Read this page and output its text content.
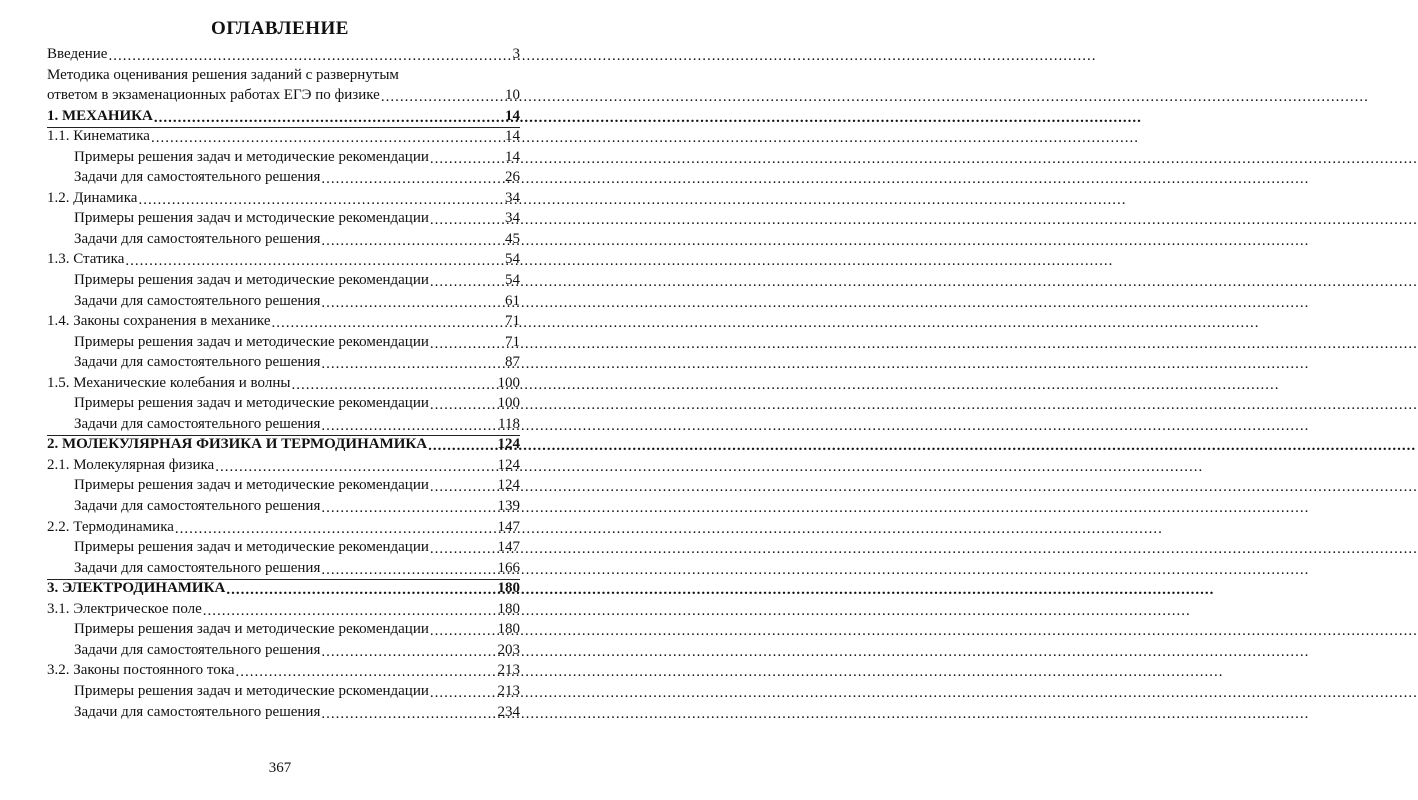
ОГЛАВЛЕНИЕ
Введение .....	3
Методика оценивания решения заданий с развернутым
ответом в экзаменационных работах ЕГЭ по физике .....	10
1. МЕХАНИКА .....	14
1.1. Кинематика .....	14
Примеры решения задач и методические рекомендации .....	14
Задачи для самостоятельного решения .....	26
1.2. Динамика .....	34
Примеры решения задач и мстодические рекомендации .....	34
Задачи для самостоятельного решения .....	45
1.3. Статика .....	54
Примеры решения задач и методические рекомендации .....	54
Задачи для самостоятельного решения .....	61
1.4. Законы сохранения в механике .....	71
Примеры решения задач и методические рекомендации .....	71
Задачи для самостоятельного решения .....	87
1.5. Механические колебания и волны .....	100
Примеры решения задач и методические рекомендации .....	100
Задачи для самостоятельного решения .....	118
2. МОЛЕКУЛЯРНАЯ ФИЗИКА И ТЕРМОДИНАМИКА .....	124
2.1. Молекулярная физика .....	124
Примеры решения задач и методические рекомендации .....	124
Задачи для самостоятельного решения .....	139
2.2. Термодинамика .....	147
Примеры решения задач и методические рекомендации .....	147
Задачи для самостоятельного решения .....	166
3. ЭЛЕКТРОДИНАМИКА .....	180
3.1. Электрическое поле .....	180
Примеры решения задач и методические рекомендации .....	180
Задачи для самостоятельного решения .....	203
3.2. Законы постоянного тока .....	213
Примеры решения задач и методические рскомендации .....	213
Задачи для самостоятельного решения .....	234
367
